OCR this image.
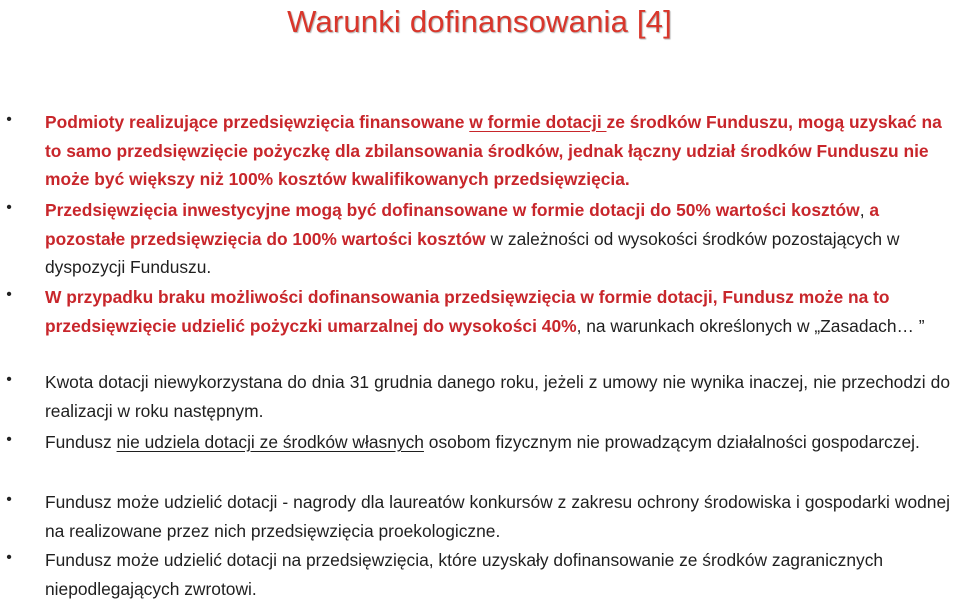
Warunki dofinansowania [4]
• Podmioty realizujące przedsięwzięcia finansowane w formie dotacji ze środków Funduszu, mogą uzyskać na to samo przedsięwzięcie pożyczkę dla zbilansowania środków, jednak łączny udział środków Funduszu nie może być większy niż 100% kosztów kwalifikowanych przedsięwzięcia.
• Przedsięwzięcia inwestycyjne mogą być dofinansowane w formie dotacji do 50% wartości kosztów, a pozostałe przedsięwzięcia do 100% wartości kosztów w zależności od wysokości środków pozostających w dyspozycji Funduszu.
• W przypadku braku możliwości dofinansowania przedsięwzięcia w formie dotacji, Fundusz może na to przedsięwzięcie udzielić pożyczki umarzalnej do wysokości 40%, na warunkach określonych w „Zasadach… ”
• Kwota dotacji niewykorzystana do dnia 31 grudnia danego roku, jeżeli z umowy nie wynika inaczej, nie przechodzi do realizacji w roku następnym.
• Fundusz nie udziela dotacji ze środków własnych osobom fizycznym nie prowadzącym działalności gospodarczej.
• Fundusz może udzielić dotacji - nagrody dla laureatów konkursów z zakresu ochrony środowiska i gospodarki wodnej na realizowane przez nich przedsięwzięcia proekologiczne.
• Fundusz może udzielić dotacji na przedsięwzięcia, które uzyskały dofinansowanie ze środków zagranicznych niepodlegających zwrotowi.
